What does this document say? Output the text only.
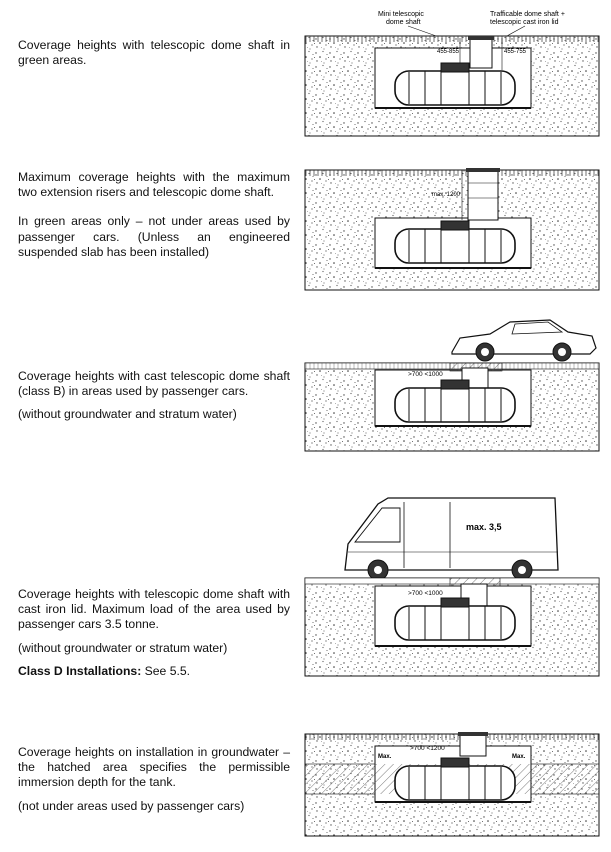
Coverage heights with telescopic dome shaft in green areas.

Mini telescopic
dome shaft
Trafficable dome shaft +
telescopic cast iron lid
455-855	455-755

Maximum coverage heights with the maximum two extension risers and telescopic dome shaft.

In green areas only – not under areas used by passenger cars. (Unless an engineered suspended slab has been installed)

max. 1200

Coverage heights with cast telescopic dome shaft (class B) in areas used by passenger cars.

(without groundwater and stratum water)

>700 <1000

Coverage heights with telescopic dome shaft with cast iron lid. Maximum load of the area used by passenger cars 3.5 tonne.

(without groundwater or stratum water)

Class D Installations: See 5.5.

max. 3,5
>700 <1000

Coverage heights on installation in groundwater – the hatched area specifies the permissible immersion depth for the tank.

(not under areas used by passenger cars)

>700 <1200
Max.	Max.
